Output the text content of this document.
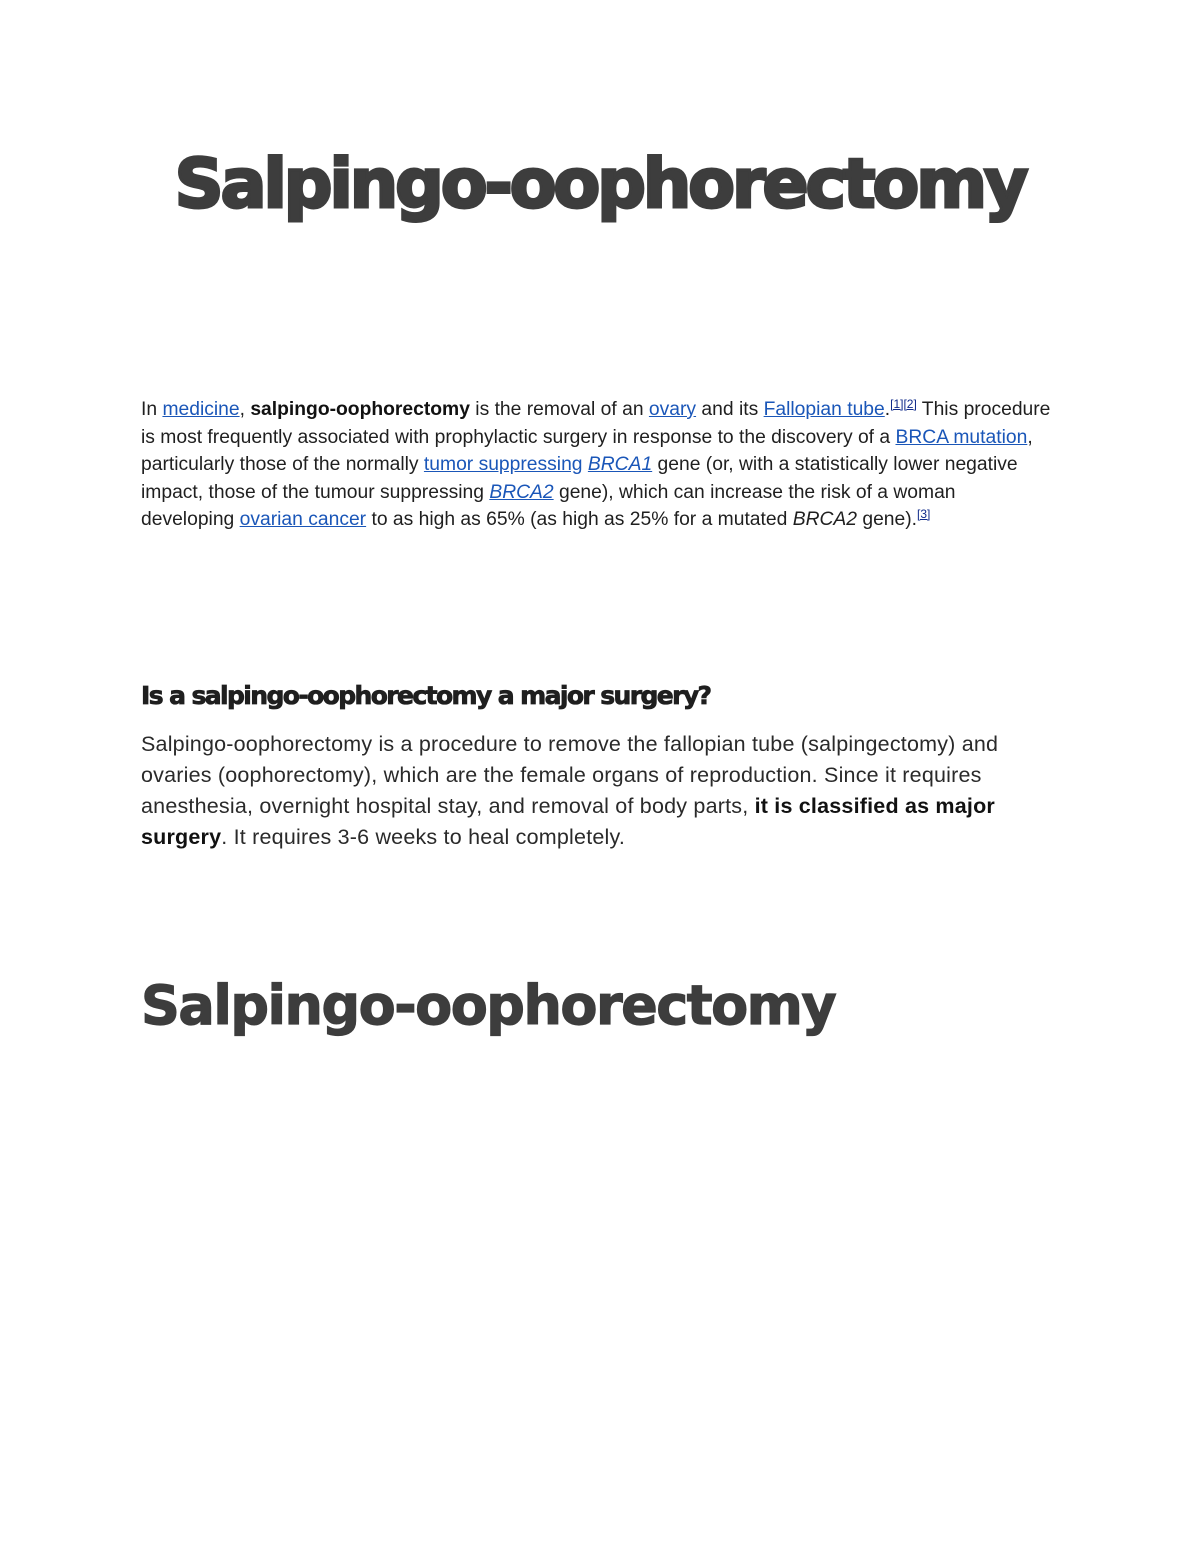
Salpingo-oophorectomy

In medicine, salpingo-oophorectomy is the removal of an ovary and its Fallopian tube.[1][2] This procedure is most frequently associated with prophylactic surgery in response to the discovery of a BRCA mutation, particularly those of the normally tumor suppressing BRCA1 gene (or, with a statistically lower negative impact, those of the tumour suppressing BRCA2 gene), which can increase the risk of a woman developing ovarian cancer to as high as 65% (as high as 25% for a mutated BRCA2 gene).[3]

Is a salpingo-oophorectomy a major surgery?

Salpingo-oophorectomy is a procedure to remove the fallopian tube (salpingectomy) and ovaries (oophorectomy), which are the female organs of reproduction. Since it requires anesthesia, overnight hospital stay, and removal of body parts, it is classified as major surgery. It requires 3-6 weeks to heal completely.

Salpingo-oophorectomy
